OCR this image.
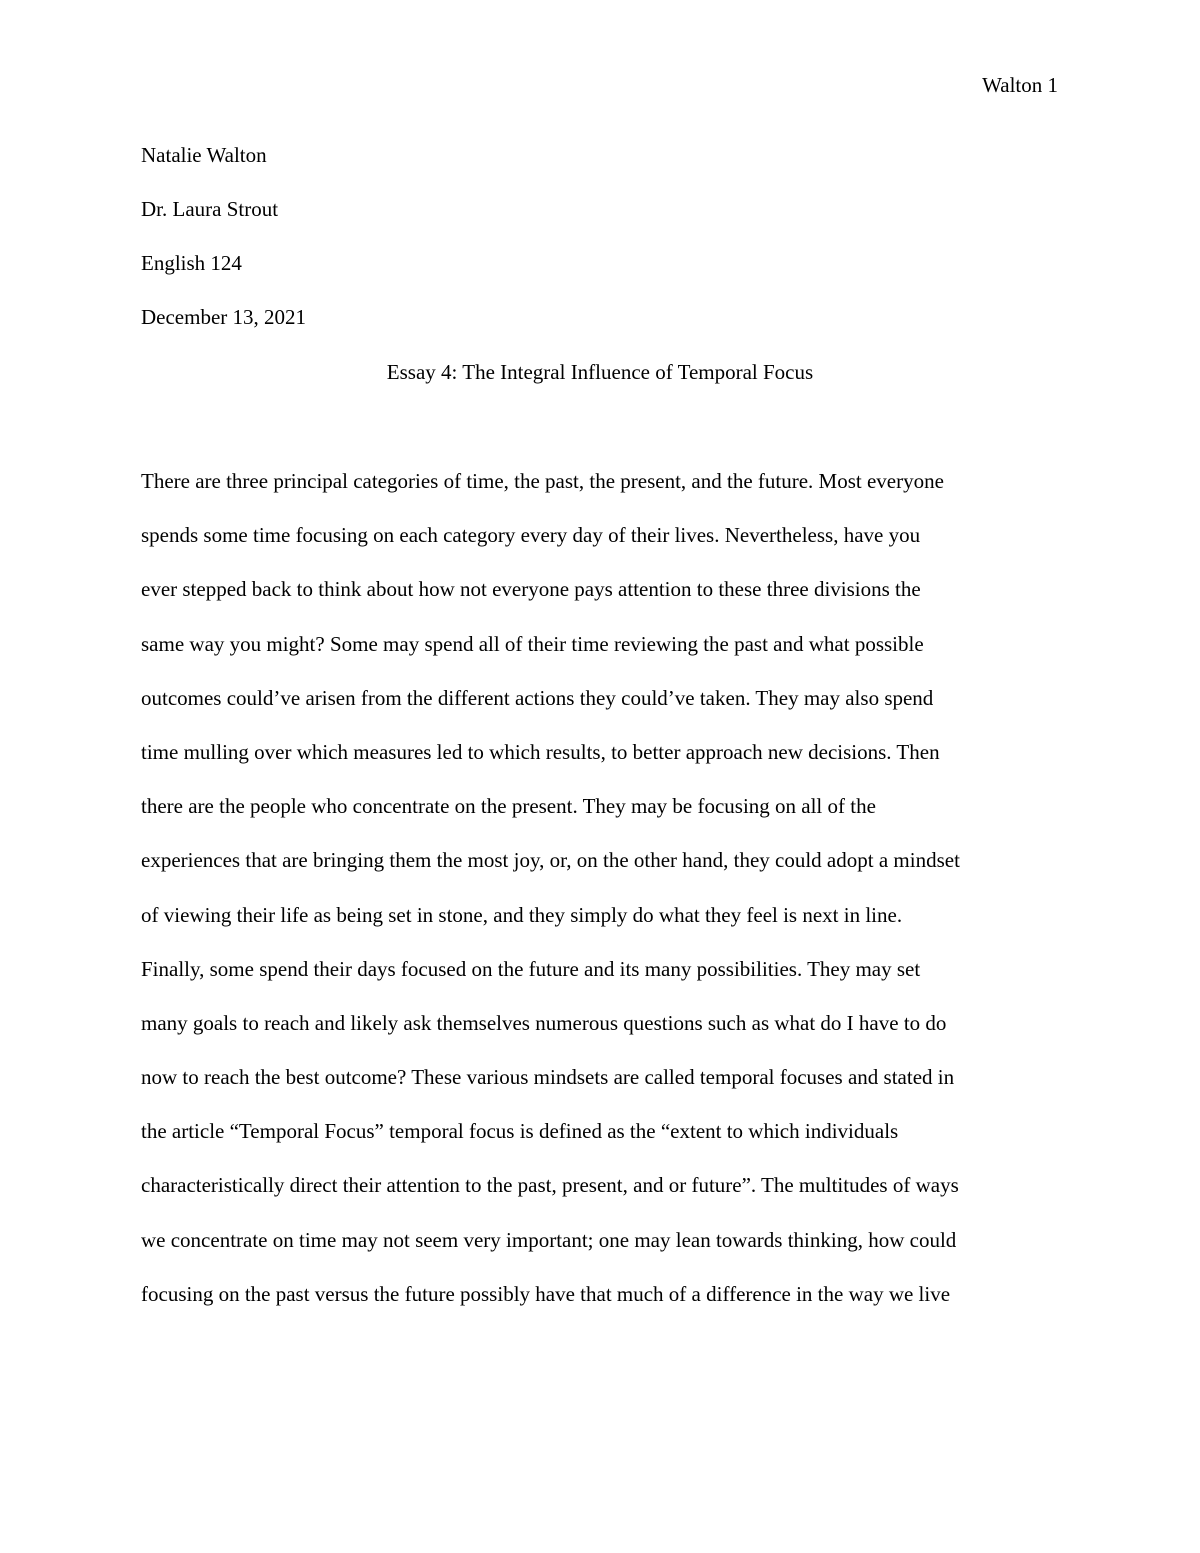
Walton 1
Natalie Walton
Dr. Laura Strout
English 124
December 13, 2021
Essay 4: The Integral Influence of Temporal Focus
There are three principal categories of time, the past, the present, and the future. Most everyone
spends some time focusing on each category every day of their lives. Nevertheless, have you
ever stepped back to think about how not everyone pays attention to these three divisions the
same way you might? Some may spend all of their time reviewing the past and what possible
outcomes could’ve arisen from the different actions they could’ve taken. They may also spend
time mulling over which measures led to which results, to better approach new decisions. Then
there are the people who concentrate on the present. They may be focusing on all of the
experiences that are bringing them the most joy, or, on the other hand, they could adopt a mindset
of viewing their life as being set in stone, and they simply do what they feel is next in line.
Finally, some spend their days focused on the future and its many possibilities. They may set
many goals to reach and likely ask themselves numerous questions such as what do I have to do
now to reach the best outcome? These various mindsets are called temporal focuses and stated in
the article “Temporal Focus” temporal focus is defined as the “extent to which individuals
characteristically direct their attention to the past, present, and or future”. The multitudes of ways
we concentrate on time may not seem very important; one may lean towards thinking, how could
focusing on the past versus the future possibly have that much of a difference in the way we live
